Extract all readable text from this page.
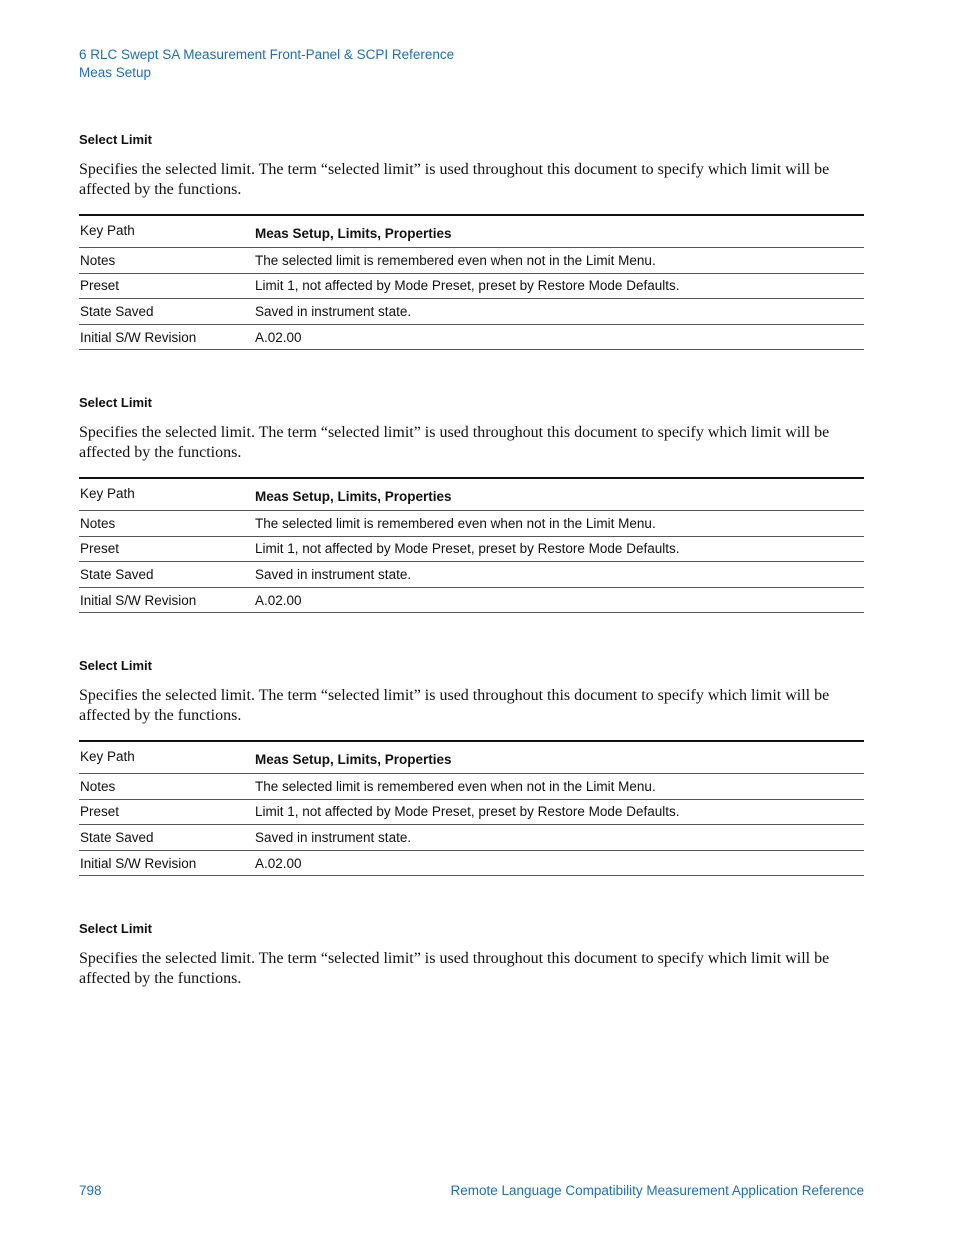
6 RLC Swept SA Measurement Front-Panel & SCPI Reference
Meas Setup
Select Limit
Specifies the selected limit. The term “selected limit” is used throughout this document to specify which limit will be affected by the functions.
Key Path	Meas Setup, Limits, Properties
Notes	The selected limit is remembered even when not in the Limit Menu.
Preset	Limit 1, not affected by Mode Preset, preset by Restore Mode Defaults.
State Saved	Saved in instrument state.
Initial S/W Revision	A.02.00
Select Limit
Specifies the selected limit. The term “selected limit” is used throughout this document to specify which limit will be affected by the functions.
Key Path	Meas Setup, Limits, Properties
Notes	The selected limit is remembered even when not in the Limit Menu.
Preset	Limit 1, not affected by Mode Preset, preset by Restore Mode Defaults.
State Saved	Saved in instrument state.
Initial S/W Revision	A.02.00
Select Limit
Specifies the selected limit. The term “selected limit” is used throughout this document to specify which limit will be affected by the functions.
Key Path	Meas Setup, Limits, Properties
Notes	The selected limit is remembered even when not in the Limit Menu.
Preset	Limit 1, not affected by Mode Preset, preset by Restore Mode Defaults.
State Saved	Saved in instrument state.
Initial S/W Revision	A.02.00
Select Limit
Specifies the selected limit. The term “selected limit” is used throughout this document to specify which limit will be affected by the functions.
798	Remote Language Compatibility Measurement Application Reference
